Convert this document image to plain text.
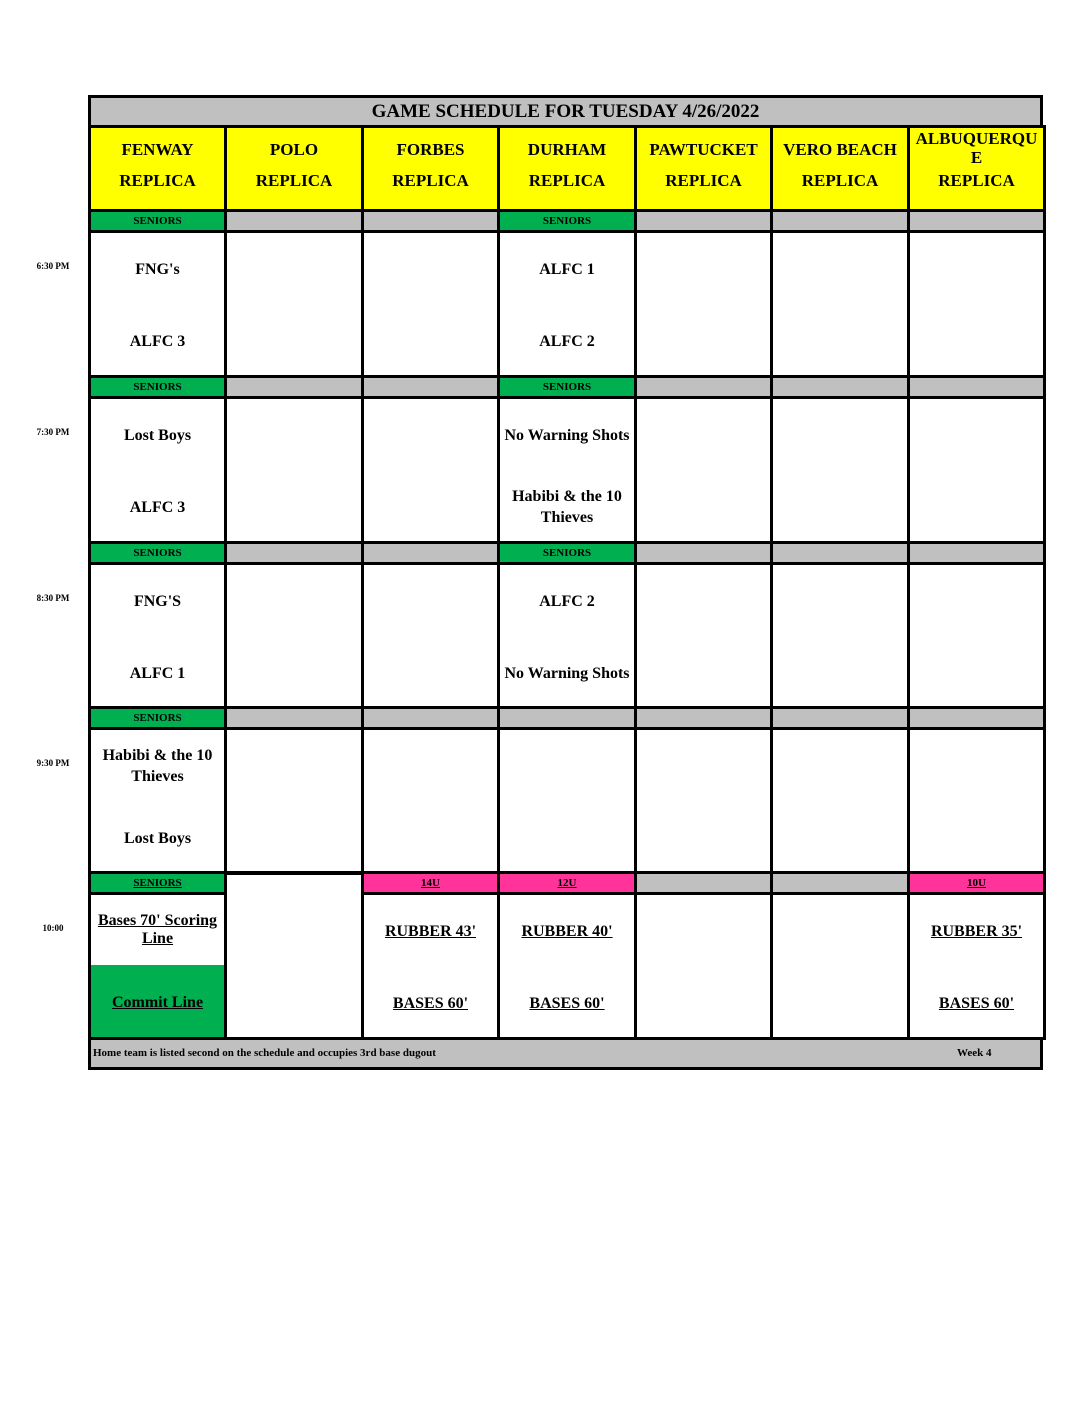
GAME SCHEDULE FOR TUESDAY 4/26/2022
FENWAY
REPLICA
POLO
REPLICA
FORBES
REPLICA
DURHAM
REPLICA
PAWTUCKET
REPLICA
VERO BEACH
REPLICA
ALBUQUERQU
E
REPLICA
SENIORS
FNG's
ALFC 3
SENIORS
ALFC 1
ALFC 2
6:30 PM
SENIORS
Lost Boys
ALFC 3
SENIORS
No Warning Shots
Habibi & the 10 Thieves
7:30 PM
SENIORS
FNG'S
ALFC 1
SENIORS
ALFC 2
No Warning Shots
8:30 PM
SENIORS
Habibi & the 10 Thieves
Lost Boys
9:30 PM
SENIORS
Bases 70' Scoring Line
Commit Line
14U
RUBBER 43'
BASES 60'
12U
RUBBER 40'
BASES 60'
10U
RUBBER 35'
BASES 60'
10:00
Home team is listed second on the schedule and occupies 3rd base dugout	Week 4
